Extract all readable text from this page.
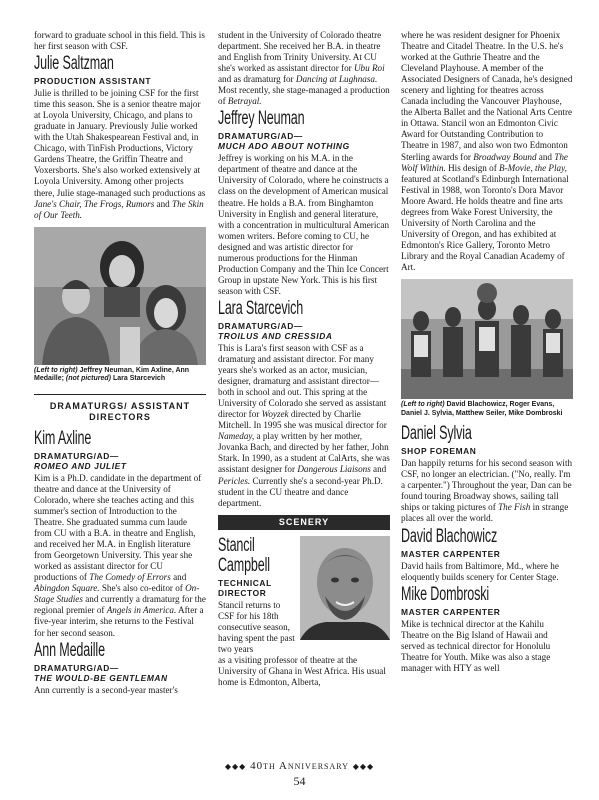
forward to graduate school in this field. This is her first season with CSF.

Julie Saltzman
PRODUCTION ASSISTANT

Julie is thrilled to be joining CSF for the first time this season. She is a senior theatre major at Loyola University, Chicago, and plans to graduate in January. Previously Julie worked with the Utah Shakespearean Festival and, in Chicago, with TinFish Productions, Victory Gardens Theatre, the Griffin Theatre and Voxersborts. She's also worked extensively at Loyola University. Among other projects there, Julie stage-managed such productions as Jane's Chair, The Frogs, Rumors and The Skin of Our Teeth.

(Left to right) Jeffrey Neuman, Kim Axline, Ann Medaille; (not pictured) Lara Starcevich
DRAMATURGS/ ASSISTANT DIRECTORS
Kim Axline
DRAMATURG/AD—
ROMEO AND JULIET

Kim is a Ph.D. candidate in the department of theatre and dance at the University of Colorado, where she teaches acting and this summer's section of Introduction to the Theatre. She graduated summa cum laude from CU with a B.A. in theatre and English, and received her M.A. in English literature from Georgetown University. This year she worked as assistant director for CU productions of The Comedy of Errors and Abingdon Square. She's also co-editor of On-Stage Studies and currently a dramaturg for the regional premier of Angels in America. After a five-year interim, she returns to the Festival for her second season.

Ann Medaille
DRAMATURG/AD—
THE WOULD-BE GENTLEMAN

Ann currently is a second-year master's

student in the University of Colorado theatre department. She received her B.A. in theatre and English from Trinity University. At CU she's worked as assistant director for Ubu Roi and as dramaturg for Dancing at Lughnasa. Most recently, she stage-managed a production of Betrayal.

Jeffrey Neuman
DRAMATURG/AD—
MUCH ADO ABOUT NOTHING

Jeffrey is working on his M.A. in the department of theatre and dance at the University of Colorado, where he coinstructs a class on the development of American musical theatre. He holds a B.A. from Binghamton University in English and general literature, with a concentration in multicultural American women writers. Before coming to CU, he designed and was artistic director for numerous productions for the Hinman Production Company and the Thin Ice Concert Group in upstate New York. This is his first season with CSF.

Lara Starcevich
DRAMATURG/AD—
TROILUS AND CRESSIDA

This is Lara's first season with CSF as a dramaturg and assistant director. For many years she's worked as an actor, musician, designer, dramaturg and assistant director—both in school and out. This spring at the University of Colorado she served as assistant director for Woyzek directed by Charlie Mitchell. In 1995 she was musical director for Nameday, a play written by her mother, Jovanka Bach, and directed by her father, John Stark. In 1990, as a student at CalArts, she was assistant designer for Dangerous Liaisons and Pericles. Currently she's a second-year Ph.D. student in the CU theatre and dance department.

SCENERY
Stancil Campbell
TECHNICAL DIRECTOR

Stancil returns to CSF for his 18th consecutive season, having spent the past two years

as a visiting professor of theatre at the University of Ghana in West Africa. His usual home is Edmonton, Alberta,

where he was resident designer for Phoenix Theatre and Citadel Theatre. In the U.S. he's worked at the Guthrie Theatre and the Cleveland Playhouse. A member of the Associated Designers of Canada, he's designed scenery and lighting for theatres across Canada including the Vancouver Playhouse, the Alberta Ballet and the National Arts Centre in Ottawa. Stancil won an Edmonton Civic Award for Outstanding Contribution to Theatre in 1987, and also won two Edmonton Sterling awards for Broadway Bound and The Wolf Within. His design of B-Movie, the Play, featured at Scotland's Edinburgh International Festival in 1988, won Toronto's Dora Mavor Moore Award. He holds theatre and fine arts degrees from Wake Forest University, the University of North Carolina and the University of Oregon, and has exhibited at Edmonton's Rice Gallery, Toronto Metro Library and the Royal Canadian Academy of Art.

(Left to right) David Blachowicz, Roger Evans, Daniel J. Sylvia, Matthew Seiler, Mike Dombroski
Daniel Sylvia
SHOP FOREMAN

Dan happily returns for his second season with CSF, no longer an electrician. ("No, really. I'm a carpenter.") Throughout the year, Dan can be found touring Broadway shows, sailing tall ships or taking pictures of The Fish in strange places all over the world.

David Blachowicz
MASTER CARPENTER

David hails from Baltimore, Md., where he eloquently builds scenery for Center Stage.

Mike Dombroski
MASTER CARPENTER

Mike is technical director at the Kahilu Theatre on the Big Island of Hawaii and served as technical director for Honolulu Theatre for Youth. Mike was also a stage manager with HTY as well

◆◆◆ 40th Anniversary ◆◆◆
54
